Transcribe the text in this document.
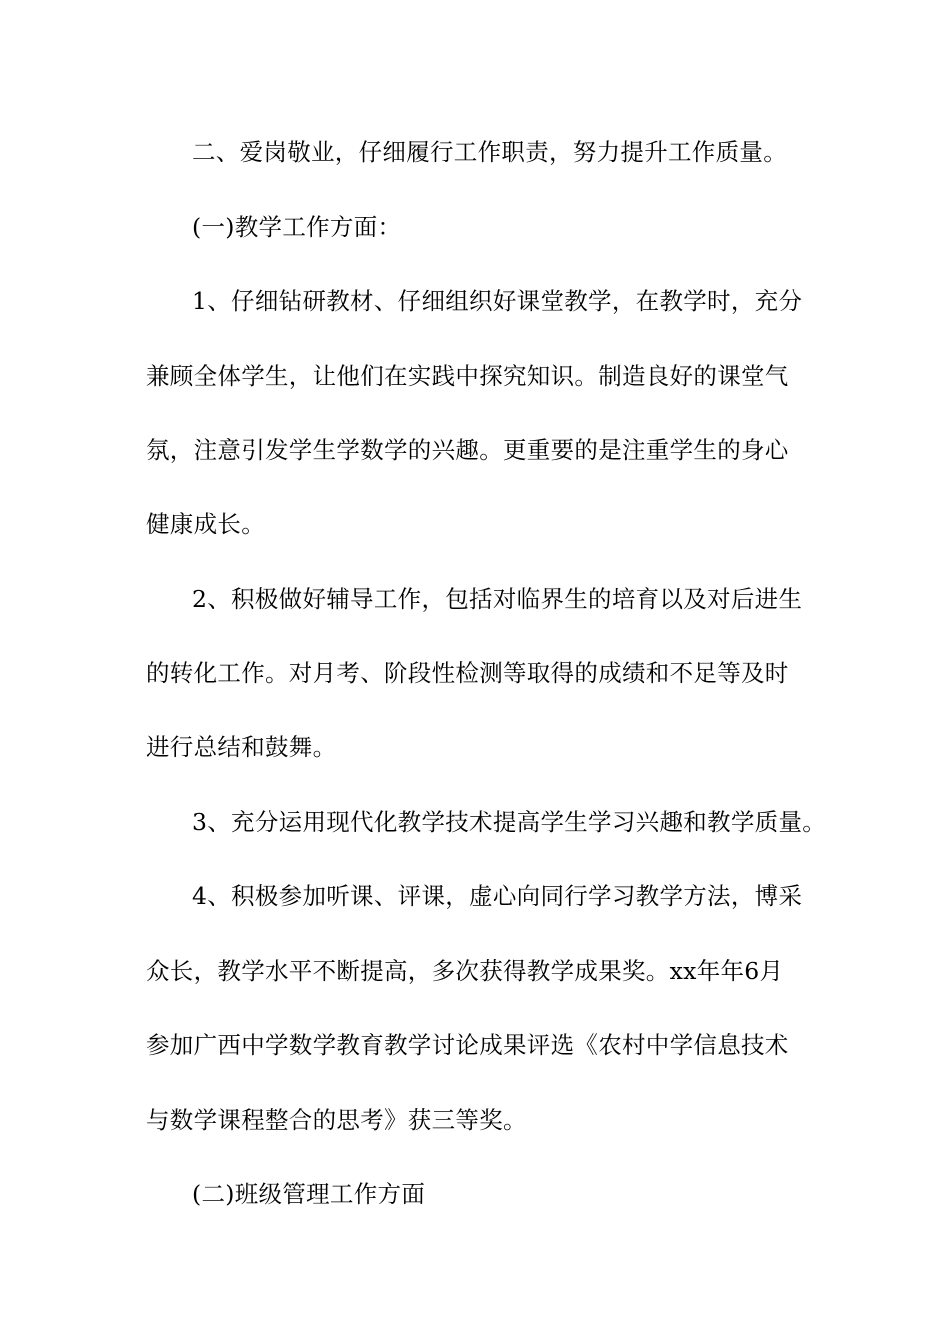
二、爱岗敬业，仔细履行工作职责，努力提升工作质量。
(一)教学工作方面：
1、仔细钻研教材、仔细组织好课堂教学，在教学时，充分
兼顾全体学生，让他们在实践中探究知识。制造良好的课堂气
氛，注意引发学生学数学的兴趣。更重要的是注重学生的身心
健康成长。
2、积极做好辅导工作，包括对临界生的培育以及对后进生
的转化工作。对月考、阶段性检测等取得的成绩和不足等及时
进行总结和鼓舞。
3、充分运用现代化教学技术提高学生学习兴趣和教学质量。
4、积极参加听课、评课，虚心向同行学习教学方法，博采
众长，教学水平不断提高，多次获得教学成果奖。xx年年6月
参加广西中学数学教育教学讨论成果评选《农村中学信息技术
与数学课程整合的思考》获三等奖。
(二)班级管理工作方面
